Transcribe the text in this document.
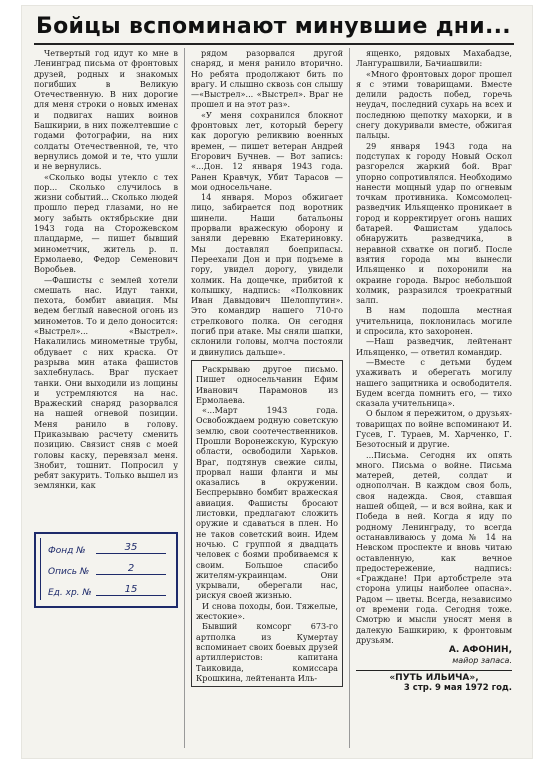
Бойцы вспоминают минувшие дни...

Четвертый год идут ко мне в Ленинград письма от фронтовых друзей, родных и знакомых погибших в Великую Отечественную. В них дорогие для меня строки о новых именах и подвигах наших воинов Башкирии, в них пожелтевшие с годами фотографии, на них солдаты Отечественной, те, что вернулись домой и те, что ушли и не вернулись.

«Сколько воды утекло с тех пор... Сколько случилось в жизни событий... Сколько людей прошло перед глазами, но не могу забыть октябрьские дни 1943 года на Сторожевском плацдарме, — пишет бывший минометчик, житель р. п. Ермолаево, Федор Семенович Воробьев.

—Фашисты с землей хотели смешать нас. Идут танки, пехота, бомбит авиация. Мы ведем беглый навесной огонь из минометов. То и дело доносится: «Выстрел»... «Выстрел». Накалились минометные трубы, обдувает с них краска. От разрыва мин атака фашистов захлебнулась. Враг пускает танки. Они выходили из лощины и устремляются на нас. Вражеский снаряд разорвался на нашей огневой позиции. Меня ранило в голову. Приказываю расчету сменить позицию. Связист сняв с моей головы каску, перевязал меня. Знобит, тошнит. Попросил у ребят закурить. Только вышел из землянки, как

рядом разорвался другой снаряд, и меня ранило вторично. Но ребята продолжают бить по врагу. И слышно сквозь сон слышу —«Выстрел»... «Выстрел». Враг не прошел и на этот раз».

«У меня сохранился блокнот фронтовых лет, который берегу как дорогую реликвию военных времен, — пишет ветеран Андрей Егорович Бучнев. — Вот запись: «...Дон. 12 января 1943 года. Ранен Кравчук, Убит Тарасов — мои односельчане.

14 января. Мороз обжигает лицо, забирается под воротник шинели. Наши батальоны прорвали вражескую оборону и заняли деревню Екатериновку. Мы доставлял боеприпасы. Переехали Дон и при подъеме в гору, увидел дорогу, увидели холмик. На дощечке, прибитой к колышку, надпись: «Полковник Иван Давыдович Шелоппутин». Это командир нашего 710-го стрелкового полка. Он сегодня погиб при атаке. Мы сняли шапки, склонили головы, молча постояли и двинулись дальше».

Раскрываю другое письмо. Пишет односельчанин Ефим Иванович Парамонов из Ермолаева.

«...Март 1943 года. Освобождаем родную советскую землю, свои соотечественников. Прошли Воронежскую, Курскую области, освободили Харьков. Враг, подтянув свежие силы, прорвал наши фланги и мы оказались в окружении. Беспрерывно бомбит вражеская авиация. Фашисты бросают листовки, предлагают сложить оружие и сдаваться в плен. Но не таков советский воин. Идем ночью. С группой я двадцать человек с боями пробиваемся к своим. Большое спасибо жителям-украинцам. Они укрывали, оберегали нас, рискуя своей жизнью.

И снова походы, бои. Тяжелые, жестокие».

Бывший комсорг 673-го артполка из Кумертау вспоминает своих боевых друзей артиллеристов: капитана Таиковида, комиссара Крошкина, лейтенанта Иль-

ященко, рядовых Махабадзе, Лангурашвили, Бачиашвили:

«Много фронтовых дорог прошел я с этими товарищами. Вместе делили радость побед, горечь неудач, последний сухарь на всех и последнюю щепотку махорки, и в снегу докуривали вместе, обжигая пальцы.

29 января 1943 года на подступах к городу Новый Оскол разгорелся жаркий бой. Враг упорно сопротивлялся. Необходимо нанести мощный удар по огневым точкам противника. Комсомолец-разведчик Ильященко проникает в город и корректирует огонь наших батарей. Фашистам удалось обнаружить разведчика, в неравной схватке он погиб. После взятия города мы вынесли Ильященко и похоронили на окраине города. Вырос небольшой холмик, разразился троекратный залп.

В нам подошла местная учительница, поклонилась могиле и спросила, кто захоронен.

—Наш разведчик, лейтенант Ильященко, — ответил командир.

—Вместе с детьми будем ухаживать и оберегать могилу нашего защитника и освободителя. Будем всегда помнить его, — тихо сказала учительница».

О былом я пережитом, о друзьях-товарищах по войне вспоминают И. Гусев, Г. Тураев, М. Харченко, Г. Безотосный и другие.

...Письма. Сегодня их опять много. Письма о войне. Письма матерей, детей, солдат и однополчан. В каждом своя боль, своя надежда. Своя, ставшая нашей общей, — и вся война, как и Победа в ней. Когда я иду по родному Ленинграду, то всегда останавливаюсь у дома № 14 на Невском проспекте и вновь читаю оставленную, как вечное предостережение, надпись: «Граждане! При артобстреле эта сторона улицы наиболее опасна». Радом — цветы. Всегда, независимо от времени года. Сегодня тоже. Смотрю и мысли уносят меня в далекую Башкирию, к фронтовым друзьям.

А. АФОНИН,
майор запаса.
«ПУТЬ ИЛЬИЧА»,
3 стр. 9 мая 1972 год.
Фонд №	35
Опись №	2
Ед. хр. №	15
